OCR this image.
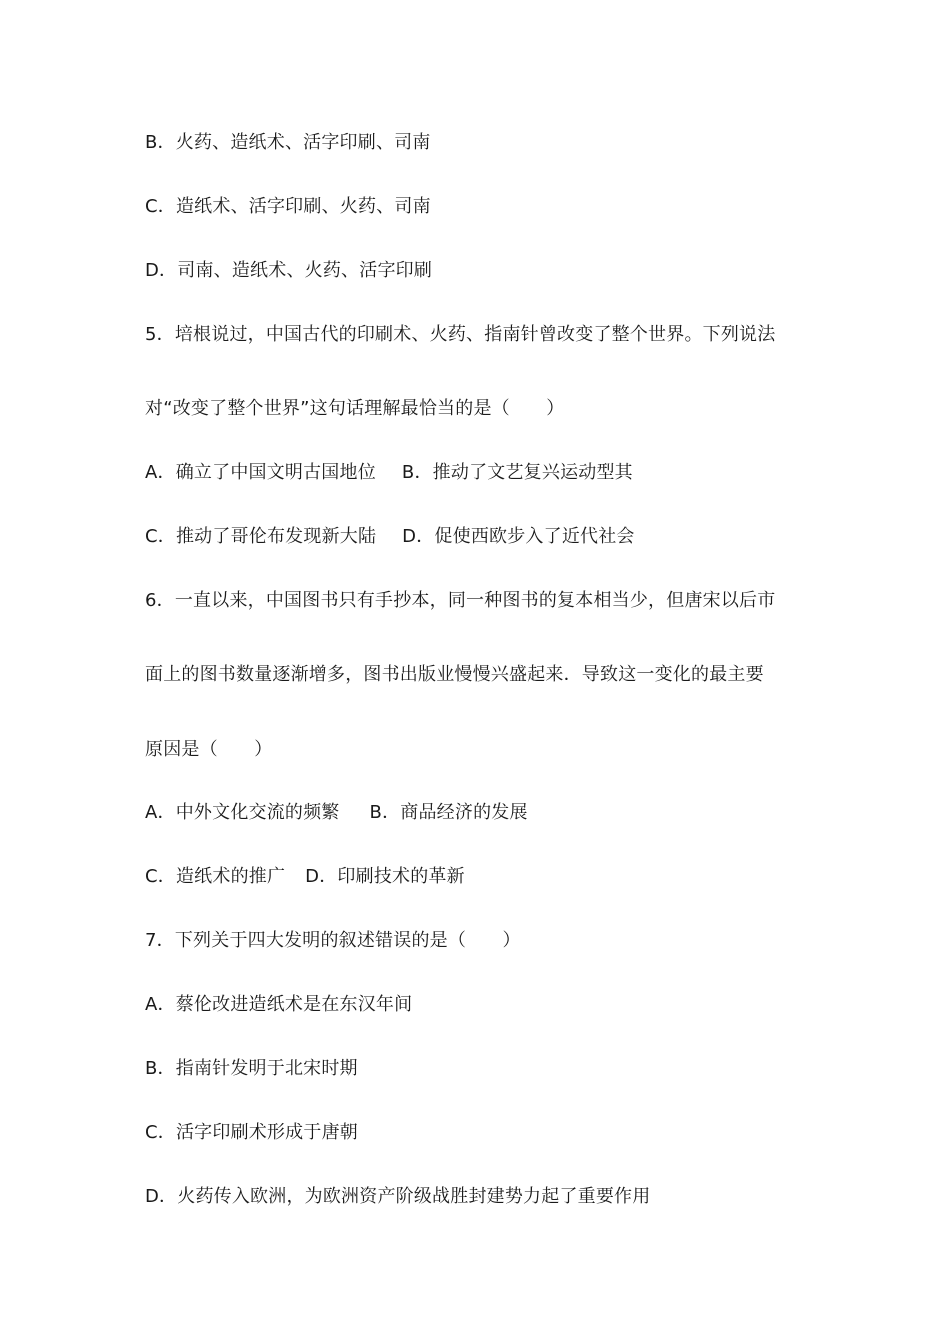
B．火药、造纸术、活字印刷、司南
C．造纸术、活字印刷、火药、司南
D．司南、造纸术、火药、活字印刷
5．培根说过，中国古代的印刷术、火药、指南针曾改变了整个世界。下列说法
对“改变了整个世界”这句话理解最恰当的是（　　）
A．确立了中国文明古国地位 B．推动了文艺复兴运动型其
C．推动了哥伦布发现新大陆 D．促使西欧步入了近代社会
6．一直以来，中国图书只有手抄本，同一种图书的复本相当少，但唐宋以后市
面上的图书数量逐渐增多，图书出版业慢慢兴盛起来．导致这一变化的最主要
原因是（　　）
A．中外文化交流的频繁 B．商品经济的发展
C．造纸术的推广 D．印刷技术的革新
7．下列关于四大发明的叙述错误的是（　　）
A．蔡伦改进造纸术是在东汉年间
B．指南针发明于北宋时期
C．活字印刷术形成于唐朝
D．火药传入欧洲，为欧洲资产阶级战胜封建势力起了重要作用
